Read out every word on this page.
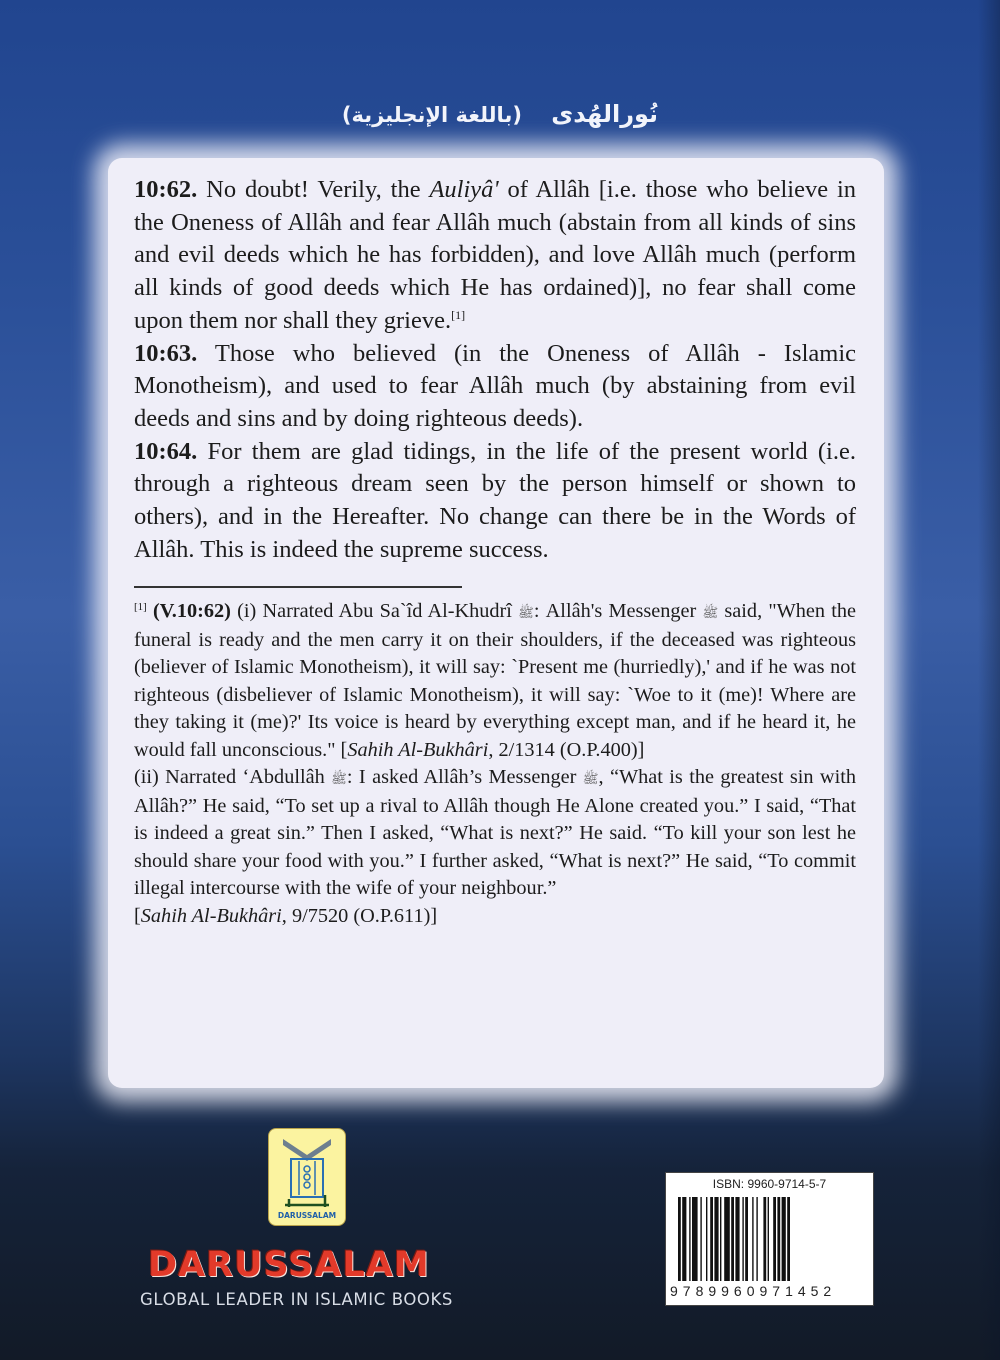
نُورالهُدى (باللغة الإنجليزية)

10:62. No doubt! Verily, the Auliyâ' of Allâh [i.e. those who believe in the Oneness of Allâh and fear Allâh much (abstain from all kinds of sins and evil deeds which he has forbidden), and love Allâh much (perform all kinds of good deeds which He has ordained)], no fear shall come upon them nor shall they grieve.[1]

10:63. Those who believed (in the Oneness of Allâh - Islamic Monotheism), and used to fear Allâh much (by abstaining from evil deeds and sins and by doing righteous deeds).

10:64. For them are glad tidings, in the life of the present world (i.e. through a righteous dream seen by the person himself or shown to others), and in the Hereafter. No change can there be in the Words of Allâh. This is indeed the supreme success.

[1] (V.10:62) (i) Narrated Abu Sa`îd Al-Khudrî ﷺ: Allâh's Messenger ﷺ said, "When the funeral is ready and the men carry it on their shoulders, if the deceased was righteous (believer of Islamic Monotheism), it will say: `Present me (hurriedly),' and if he was not righteous (disbeliever of Islamic Monotheism), it will say: `Woe to it (me)! Where are they taking it (me)?' Its voice is heard by everything except man, and if he heard it, he would fall unconscious." [Sahih Al-Bukhâri, 2/1314 (O.P.400)]

(ii) Narrated ‘Abdullâh ﷺ: I asked Allâh’s Messenger ﷺ, “What is the greatest sin with Allâh?” He said, “To set up a rival to Allâh though He Alone created you.” I said, “That is indeed a great sin.” Then I asked, “What is next?” He said. “To kill your son lest he should share your food with you.” I further asked, “What is next?” He said, “To commit illegal intercourse with the wife of your neighbour.”
[Sahih Al-Bukhâri, 9/7520 (O.P.611)]

DARUSSALAM
DARUSSALAM
GLOBAL LEADER IN ISLAMIC BOOKS
ISBN: 9960-9714-5-7
9789960971452
